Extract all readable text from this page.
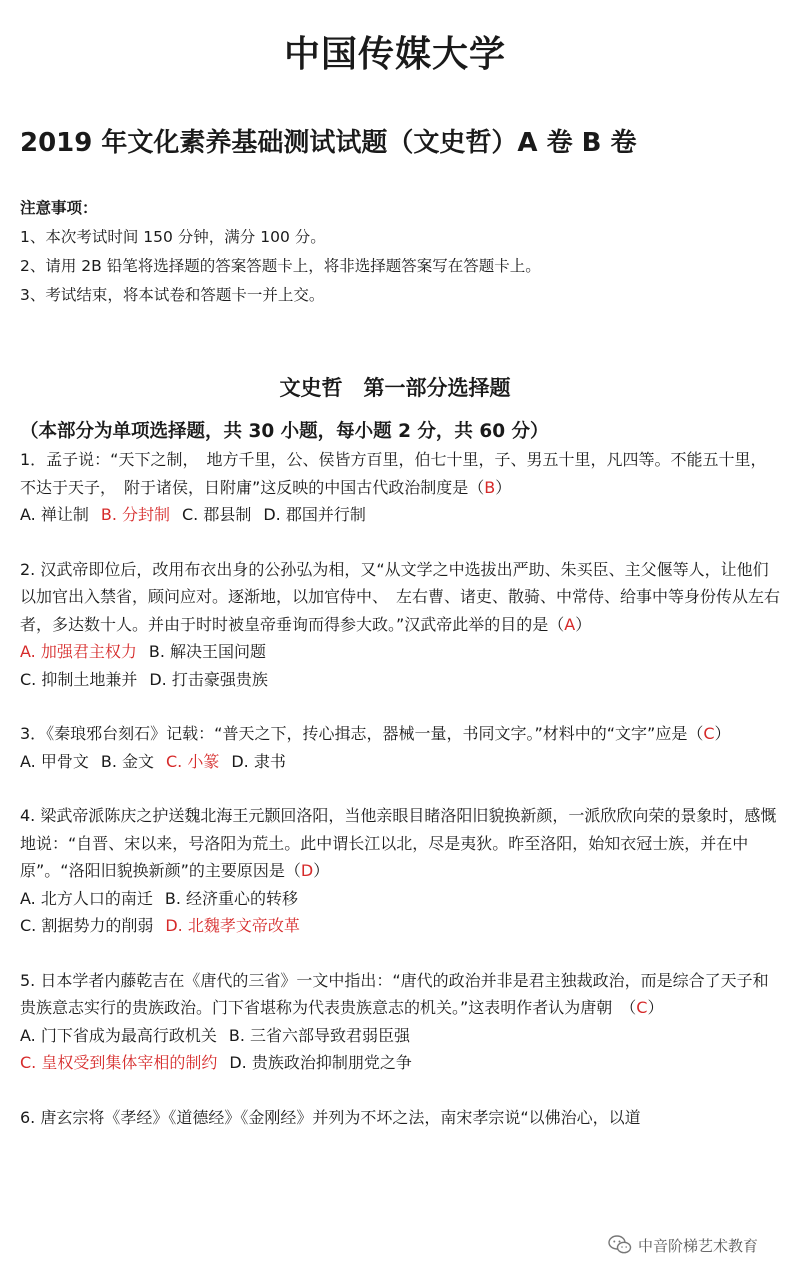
中国传媒大学
2019 年文化素养基础测试试题（文史哲）A 卷 B 卷
注意事项：
1、本次考试时间 150 分钟，满分 100 分。
2、请用 2B 铅笔将选择题的答案答题卡上，将非选择题答案写在答题卡上。
3、考试结束，将本试卷和答题卡一并上交。
文史哲　第一部分选择题
（本部分为单项选择题，共 30 小题，每小题 2 分，共 60 分）
1．孟子说：“天下之制，　地方千里，公、侯皆方百里，伯七十里，子、男五十里，凡四等。不能五十里，不达于天子，　附于诸侯，日附庸”这反映的中国古代政治制度是（B）
A. 禅让制 B. 分封制 C. 郡县制 D. 郡国并行制
2. 汉武帝即位后，改用布衣出身的公孙弘为相，又“从文学之中选拔出严助、朱买臣、主父偃等人，让他们以加官出入禁省，顾问应对。逐渐地，以加官侍中、　左右曹、诸吏、散骑、中常侍、给事中等身份传从左右者，多达数十人。并由于时时被皇帝垂询而得参大政。”汉武帝此举的目的是（A）
A. 加强君主权力 B. 解决王国问题
C. 抑制土地兼并 D. 打击豪强贵族
3．《秦琅邪台刻石》记载：“普天之下，抟心揖志，器械一量，书同文字。”材料中的“文字”应是（C）
A. 甲骨文 B. 金文 C. 小篆 D. 隶书
4. 梁武帝派陈庆之护送魏北海王元颢回洛阳，当他亲眼目睹洛阳旧貌换新颜，一派欣欣向荣的景象时，感慨地说：“自晋、宋以来，号洛阳为荒土。此中谓长江以北，尽是夷狄。昨至洛阳，始知衣冠士族，并在中原”。“洛阳旧貌换新颜”的主要原因是（D）
A. 北方人口的南迁 B. 经济重心的转移
C. 割据势力的削弱 D. 北魏孝文帝改革
5. 日本学者内藤乾吉在《唐代的三省》一文中指出：“唐代的政治并非是君主独裁政治，而是综合了天子和贵族意志实行的贵族政治。门下省堪称为代表贵族意志的机关。”这表明作者认为唐朝　（C）
A. 门下省成为最高行政机关 B. 三省六部导致君弱臣强
C. 皇权受到集体宰相的制约 D. 贵族政治抑制朋党之争
6. 唐玄宗将《孝经》《道德经》《金刚经》并列为不坏之法，南宋孝宗说“以佛治心，以道
中音阶梯艺术教育
